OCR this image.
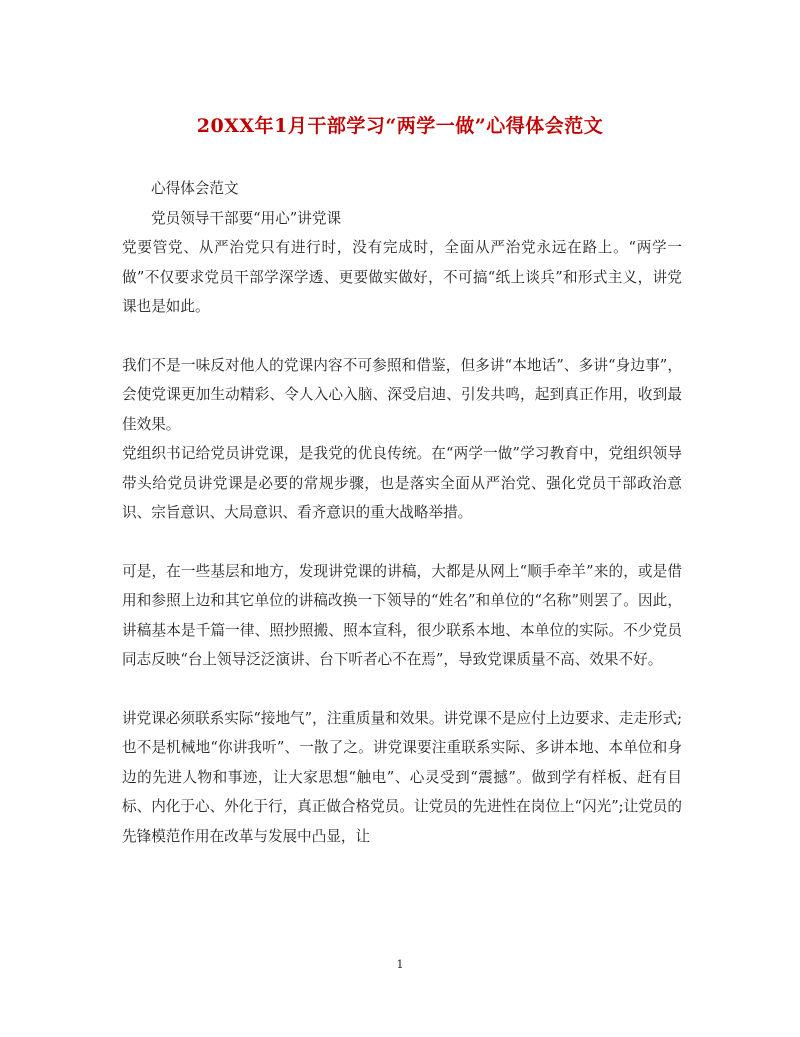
20XX年1月干部学习“两学一做”心得体会范文

心得体会范文

党员领导干部要“用心”讲党课

党要管党、从严治党只有进行时，没有完成时，全面从严治党永远在路上。“两学一做”不仅要求党员干部学深学透、更要做实做好，不可搞“纸上谈兵”和形式主义，讲党课也是如此。

我们不是一味反对他人的党课内容不可参照和借鉴，但多讲“本地话”、多讲“身边事”，会使党课更加生动精彩、令人入心入脑、深受启迪、引发共鸣，起到真正作用，收到最佳效果。

党组织书记给党员讲党课，是我党的优良传统。在“两学一做”学习教育中，党组织领导带头给党员讲党课是必要的常规步骤，也是落实全面从严治党、强化党员干部政治意识、宗旨意识、大局意识、看齐意识的重大战略举措。

可是，在一些基层和地方，发现讲党课的讲稿，大都是从网上“顺手牵羊”来的，或是借用和参照上边和其它单位的讲稿改换一下领导的“姓名”和单位的“名称”则罢了。因此，讲稿基本是千篇一律、照抄照搬、照本宣科，很少联系本地、本单位的实际。不少党员同志反映“台上领导泛泛演讲、台下听者心不在焉”，导致党课质量不高、效果不好。

讲党课必须联系实际“接地气”，注重质量和效果。讲党课不是应付上边要求、走走形式;也不是机械地“你讲我听”、一散了之。讲党课要注重联系实际、多讲本地、本单位和身边的先进人物和事迹，让大家思想“触电”、心灵受到“震撼”。做到学有样板、赶有目标、内化于心、外化于行，真正做合格党员。让党员的先进性在岗位上“闪光”;让党员的先锋模范作用在改革与发展中凸显，让

1
